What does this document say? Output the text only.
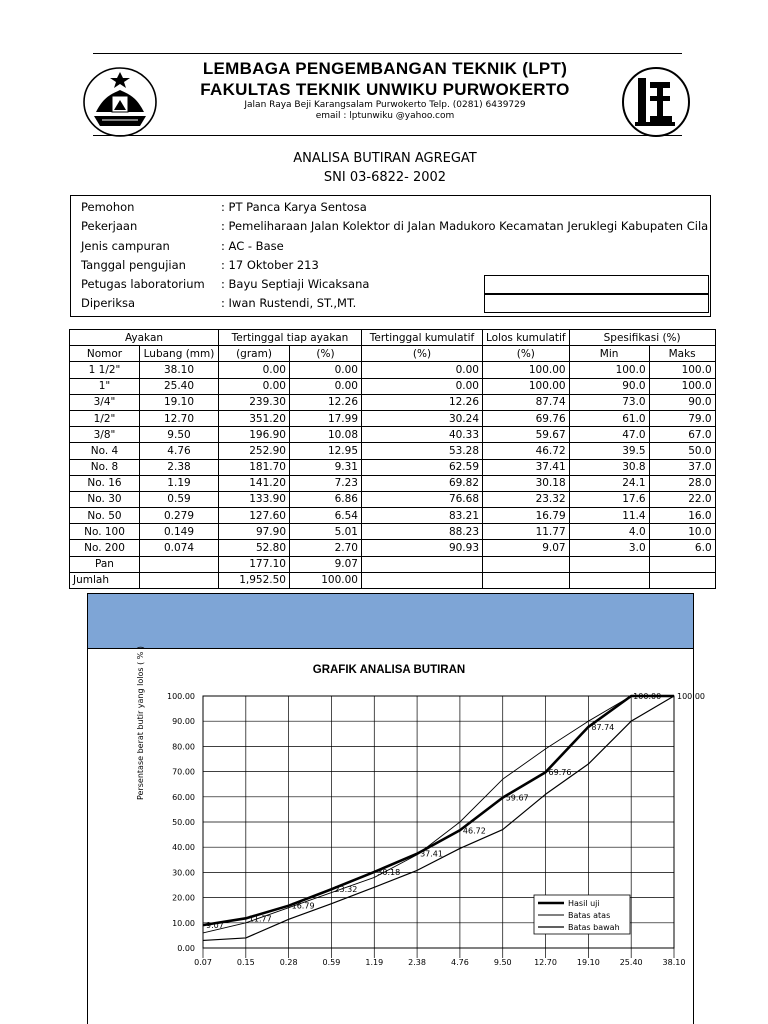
LEMBAGA PENGEMBANGAN TEKNIK (LPT)
FAKULTAS TEKNIK UNWIKU PURWOKERTO
Jalan Raya Beji Karangsalam Purwokerto Telp. (0281) 6439729
email : lptunwiku @yahoo.com
ANALISA BUTIRAN AGREGAT
SNI 03-6822- 2002
Pemohon	: PT Panca Karya Sentosa
Pekerjaan	: Pemeliharaan Jalan Kolektor di Jalan Madukoro Kecamatan Jeruklegi Kabupaten Cila
Jenis campuran	: AC - Base
Tanggal pengujian	: 17 Oktober 213
Petugas laboratorium : Bayu Septiaji Wicaksana
Diperiksa	: Iwan Rustendi, ST.,MT.
Ayakan		Tertinggal tiap ayakan		Tertinggal kumulatif	Lolos kumulatif	Spesifikasi (%)	
Nomor	Lubang (mm)	(gram)	(%)	(%)	(%)	Min	Maks
1 1/2"	38.10	0.00	0.00	0.00	100.00	100.0	100.0
1"	25.40	0.00	0.00	0.00	100.00	90.0	100.0
3/4"	19.10	239.30	12.26	12.26	87.74	73.0	90.0
1/2"	12.70	351.20	17.99	30.24	69.76	61.0	79.0
3/8"	9.50	196.90	10.08	40.33	59.67	47.0	67.0
No. 4	4.76	252.90	12.95	53.28	46.72	39.5	50.0
No. 8	2.38	181.70	9.31	62.59	37.41	30.8	37.0
No. 16	1.19	141.20	7.23	69.82	30.18	24.1	28.0
No. 30	0.59	133.90	6.86	76.68	23.32	17.6	22.0
No. 50	0.279	127.60	6.54	83.21	16.79	11.4	16.0
No. 100	0.149	97.90	5.01	88.23	11.77	4.0	10.0
No. 200	0.074	52.80	2.70	90.93	9.07	3.0	6.0
Pan		177.10	9.07				
Jumlah		1,952.50	100.00				
GRAFIK ANALISA BUTIRAN
Persentase berat butir yang lolos ( % )
0.00
10.00
20.00
30.00
40.00
50.00
60.00
70.00
80.00
90.00
100.00
0.07	0.15	0.28	0.59	1.19	2.38	4.76	9.50	12.70 19.10 25.40 38.10
9.07
11.77
16.79
23.32
30.18
37.41
46.72
59.67
69.76
87.74
100.00 100.00
Hasil uji
Batas atas
Batas bawah
